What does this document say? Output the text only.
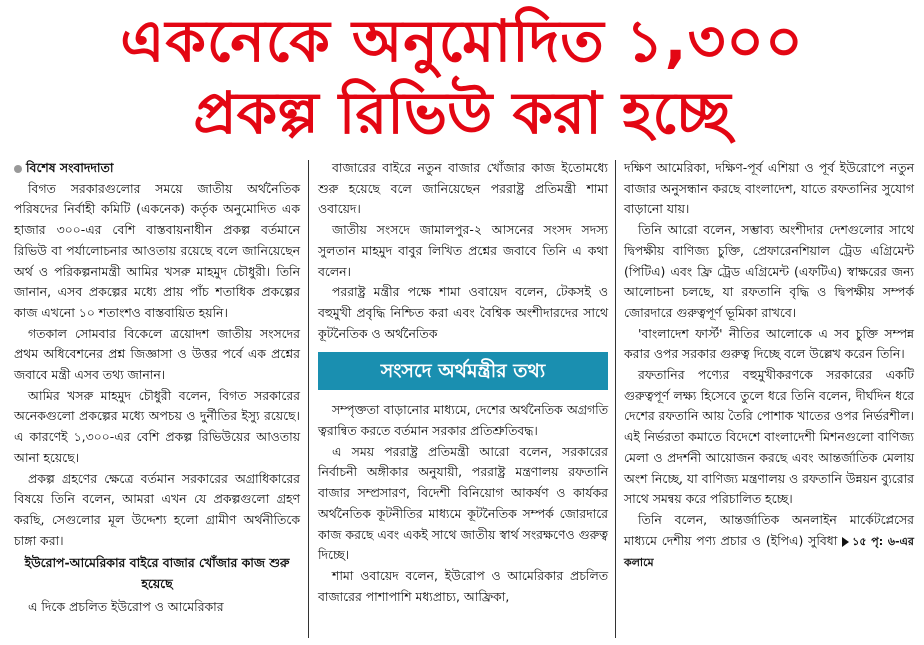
একনেকে অনুমোদিত ১,৩০০
প্রকল্প রিভিউ করা হচ্ছে
বিশেষ সংবাদদাতা

বিগত সরকারগুলোর সময়ে জাতীয় অর্থনৈতিক পরিষদের নির্বাহী কমিটি (একনেক) কর্তৃক অনুমোদিত এক হাজার ৩০০-এর বেশি বাস্তবায়নাধীন প্রকল্প বর্তমানে রিভিউ বা পর্যালোচনার আওতায় রয়েছে বলে জানিয়েছেন অর্থ ও পরিকল্পনামন্ত্রী আমির খসরু মাহমুদ চৌধুরী। তিনি জানান, এসব প্রকল্পের মধ্যে প্রায় পাঁচ শতাধিক প্রকল্পের কাজ এখনো ১০ শতাংশও বাস্তবায়িত হয়নি।

গতকাল সোমবার বিকেলে ত্রয়োদশ জাতীয় সংসদের প্রথম অধিবেশনের প্রশ্ন জিজ্ঞাসা ও উত্তর পর্বে এক প্রশ্নের জবাবে মন্ত্রী এসব তথ্য জানান।

আমির খসরু মাহমুদ চৌধুরী বলেন, বিগত সরকারের অনেকগুলো প্রকল্পের মধ্যে অপচয় ও দুর্নীতির ইস্যু রয়েছে। এ কারণেই ১,৩০০-এর বেশি প্রকল্প রিভিউয়ের আওতায় আনা হয়েছে।

প্রকল্প গ্রহণের ক্ষেত্রে বর্তমান সরকারের অগ্রাধিকারের বিষয়ে তিনি বলেন, আমরা এখন যে প্রকল্পগুলো গ্রহণ করছি, সেগুলোর মূল উদ্দেশ্য হলো গ্রামীণ অর্থনীতিকে চাঙ্গা করা।

ইউরোপ-আমেরিকার বাইরে বাজার খোঁজার কাজ শুরু হয়েছে

এ দিকে প্রচলিত ইউরোপ ও আমেরিকার

বাজারের বাইরে নতুন বাজার খোঁজার কাজ ইতোমধ্যে শুরু হয়েছে বলে জানিয়েছেন পররাষ্ট্র প্রতিমন্ত্রী শামা ওবায়েদ।

জাতীয় সংসদে জামালপুর-২ আসনের সংসদ সদস্য সুলতান মাহমুদ বাবুর লিখিত প্রশ্নের জবাবে তিনি এ কথা বলেন।

পররাষ্ট্র মন্ত্রীর পক্ষে শামা ওবায়েদ বলেন, টেকসই ও বহুমুখী প্রবৃদ্ধি নিশ্চিত করা এবং বৈশ্বিক অংশীদারদের সাথে কূটনৈতিক ও অর্থনৈতিক

সংসদে অর্থমন্ত্রীর তথ্য

সম্পৃক্ততা বাড়ানোর মাধ্যমে, দেশের অর্থনৈতিক অগ্রগতি ত্বরান্বিত করতে বর্তমান সরকার প্রতিশ্রুতিবদ্ধ।

এ সময় পররাষ্ট্র প্রতিমন্ত্রী আরো বলেন, সরকারের নির্বাচনী অঙ্গীকার অনুযায়ী, পররাষ্ট্র মন্ত্রণালয় রফতানি বাজার সম্প্রসারণ, বিদেশী বিনিয়োগ আকর্ষণ ও কার্যকর অর্থনৈতিক কূটনীতির মাধ্যমে কূটনৈতিক সম্পর্ক জোরদারে কাজ করছে এবং একই সাথে জাতীয় স্বার্থ সংরক্ষণেও গুরুত্ব দিচ্ছে।

শামা ওবায়েদ বলেন, ইউরোপ ও আমেরিকার প্রচলিত বাজারের পাশাপাশি মধ্যপ্রাচ্য, আফ্রিকা,

দক্ষিণ আমেরিকা, দক্ষিণ-পূর্ব এশিয়া ও পূর্ব ইউরোপে নতুন বাজার অনুসন্ধান করছে বাংলাদেশ, যাতে রফতানির সুযোগ বাড়ানো যায়।

তিনি আরো বলেন, সম্ভাব্য অংশীদার দেশগুলোর সাথে দ্বিপক্ষীয় বাণিজ্য চুক্তি, প্রেফারেনশিয়াল ট্রেড এগ্রিমেন্ট (পিটিএ) এবং ফ্রি ট্রেড এগ্রিমেন্ট (এফটিএ) স্বাক্ষরের জন্য আলোচনা চলছে, যা রফতানি বৃদ্ধি ও দ্বিপক্ষীয় সম্পর্ক জোরদারে গুরুত্বপূর্ণ ভূমিকা রাখবে।

'বাংলাদেশ ফার্স্ট' নীতির আলোকে এ সব চুক্তি সম্পন্ন করার ওপর সরকার গুরুত্ব দিচ্ছে বলে উল্লেখ করেন তিনি।

রফতানির পণ্যের বহুমুখীকরণকে সরকারের একটি গুরুত্বপূর্ণ লক্ষ্য হিসেবে তুলে ধরে তিনি বলেন, দীর্ঘদিন ধরে দেশের রফতানি আয় তৈরি পোশাক খাতের ওপর নির্ভরশীল। এই নির্ভরতা কমাতে বিদেশে বাংলাদেশী মিশনগুলো বাণিজ্য মেলা ও প্রদর্শনী আয়োজন করছে এবং আন্তর্জাতিক মেলায় অংশ নিচ্ছে, যা বাণিজ্য মন্ত্রণালয় ও রফতানি উন্নয়ন ব্যুরোর সাথে সমন্বয় করে পরিচালিত হচ্ছে।

তিনি বলেন, আন্তর্জাতিক অনলাইন মার্কেটপ্লেসের মাধ্যমে দেশীয় পণ্য প্রচার ও (ইপিএ) সুবিধা ১৫ পৃ: ৬-এর কলামে
